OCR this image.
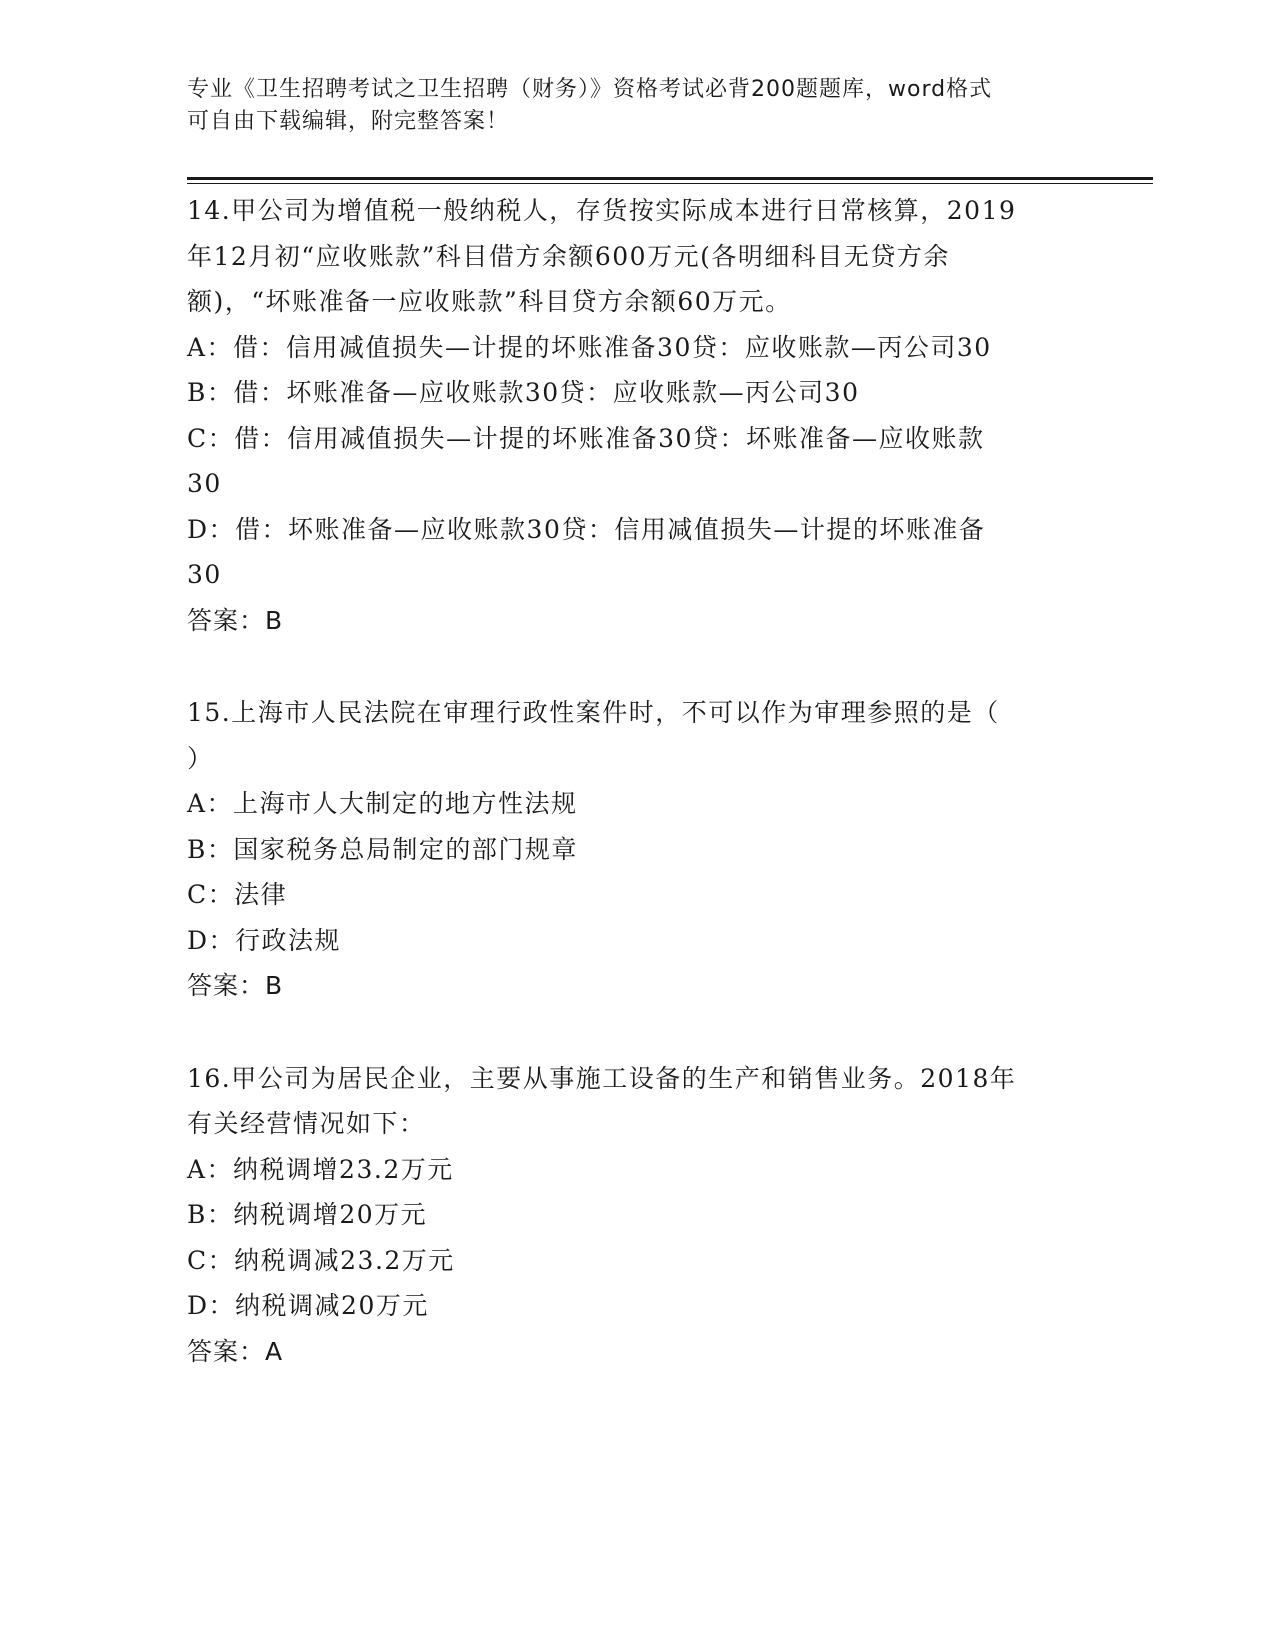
专业《卫生招聘考试之卫生招聘（财务）》资格考试必背200题题库，word格式
可自由下载编辑，附完整答案！
14.甲公司为增值税一般纳税人，存货按实际成本进行日常核算，2019
年12月初“应收账款”科目借方余额600万元(各明细科目无贷方余
额)，“坏账准备一应收账款”科目贷方余额60万元。
A：借：信用减值损失—计提的坏账准备30贷：应收账款—丙公司30
B：借：坏账准备—应收账款30贷：应收账款—丙公司30
C：借：信用减值损失—计提的坏账准备30贷：坏账准备—应收账款
30
D：借：坏账准备—应收账款30贷：信用减值损失—计提的坏账准备
30
答案：B
15.上海市人民法院在审理行政性案件时，不可以作为审理参照的是（
）
A：上海市人大制定的地方性法规
B：国家税务总局制定的部门规章
C：法律
D：行政法规
答案：B
16.甲公司为居民企业，主要从事施工设备的生产和销售业务。2018年
有关经营情况如下：
A：纳税调增23.2万元
B：纳税调增20万元
C：纳税调减23.2万元
D：纳税调减20万元
答案：A
